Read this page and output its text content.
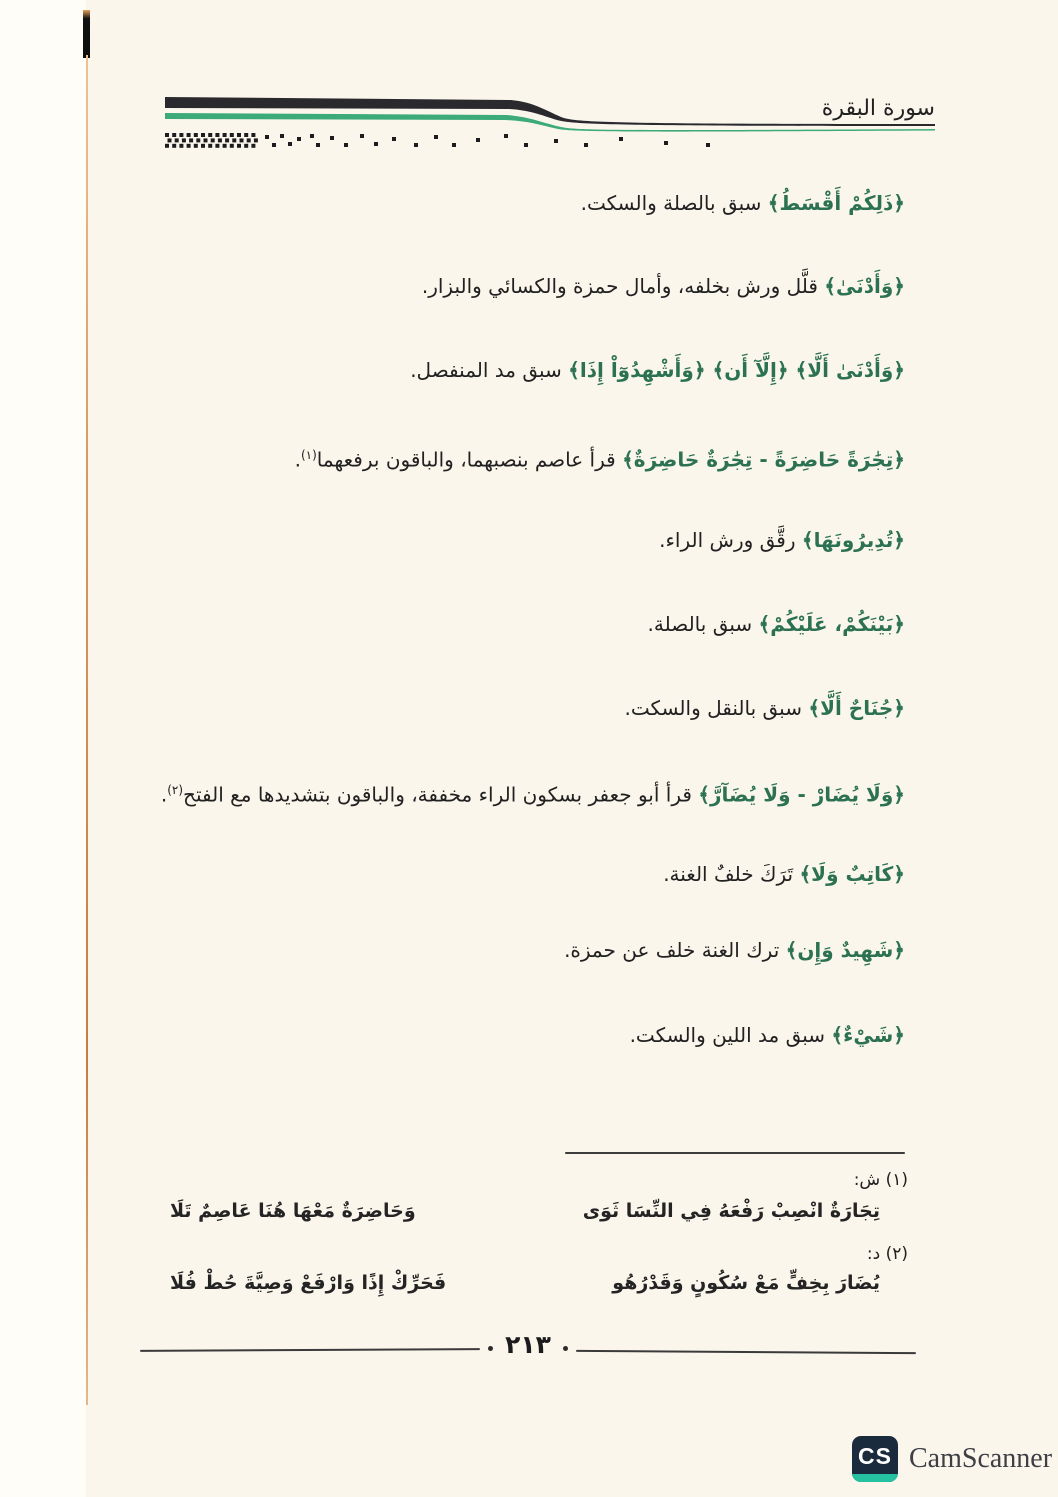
سورة البقرة
﴿ذَلِكُمْ أَقْسَطُ﴾ سبق بالصلة والسكت.
﴿وَأَدْنَىٰ﴾ قلَّل ورش بخلفه، وأمال حمزة والكسائي والبزار.
﴿وَأَدْنَىٰ أَلَّا﴾ ﴿إِلَّآ أَن﴾ ﴿وَأَشْهِدُوٓاْ إِذَا﴾ سبق مد المنفصل.
﴿تِجَٰرَةً حَاضِرَةً - تِجَٰرَةٌ حَاضِرَةٌ﴾ قرأ عاصم بنصبهما، والباقون برفعهما$^{(١)}$.
﴿تُدِيرُونَهَا﴾ رقَّق ورش الراء.
﴿بَيْنَكُمْ، عَلَيْكُمْ﴾ سبق بالصلة.
﴿جُنَاحٌ أَلَّا﴾ سبق بالنقل والسكت.
﴿وَلَا يُضَارْ - وَلَا يُضَآرَّ﴾ قرأ أبو جعفر بسكون الراء مخففة، والباقون بتشديدها مع الفتح$^{(٢)}$.
﴿كَاتِبٌ وَلَا﴾ تَرَكَ خلفٌ الغنة.
﴿شَهِيدٌ وَإِن﴾ ترك الغنة خلف عن حمزة.
﴿شَيْءٌ﴾ سبق مد اللين والسكت.
(١) ش:
تِجَارَةٌ انْصِبْ رَفْعَهُ فِي النِّسَا ثَوَى
وَحَاضِرَةٌ مَعْهَا هُنَا عَاصِمٌ تَلَا
(٢) د:
يُضَارَ بِخِفٍّ مَعْ سُكُونٍ وَقَدْرُهُو
فَحَرِّكْ إِذًا وَارْفَعْ وَصِيَّةَ حُطْ فُلَا
٢١٣
CS CamScanner
